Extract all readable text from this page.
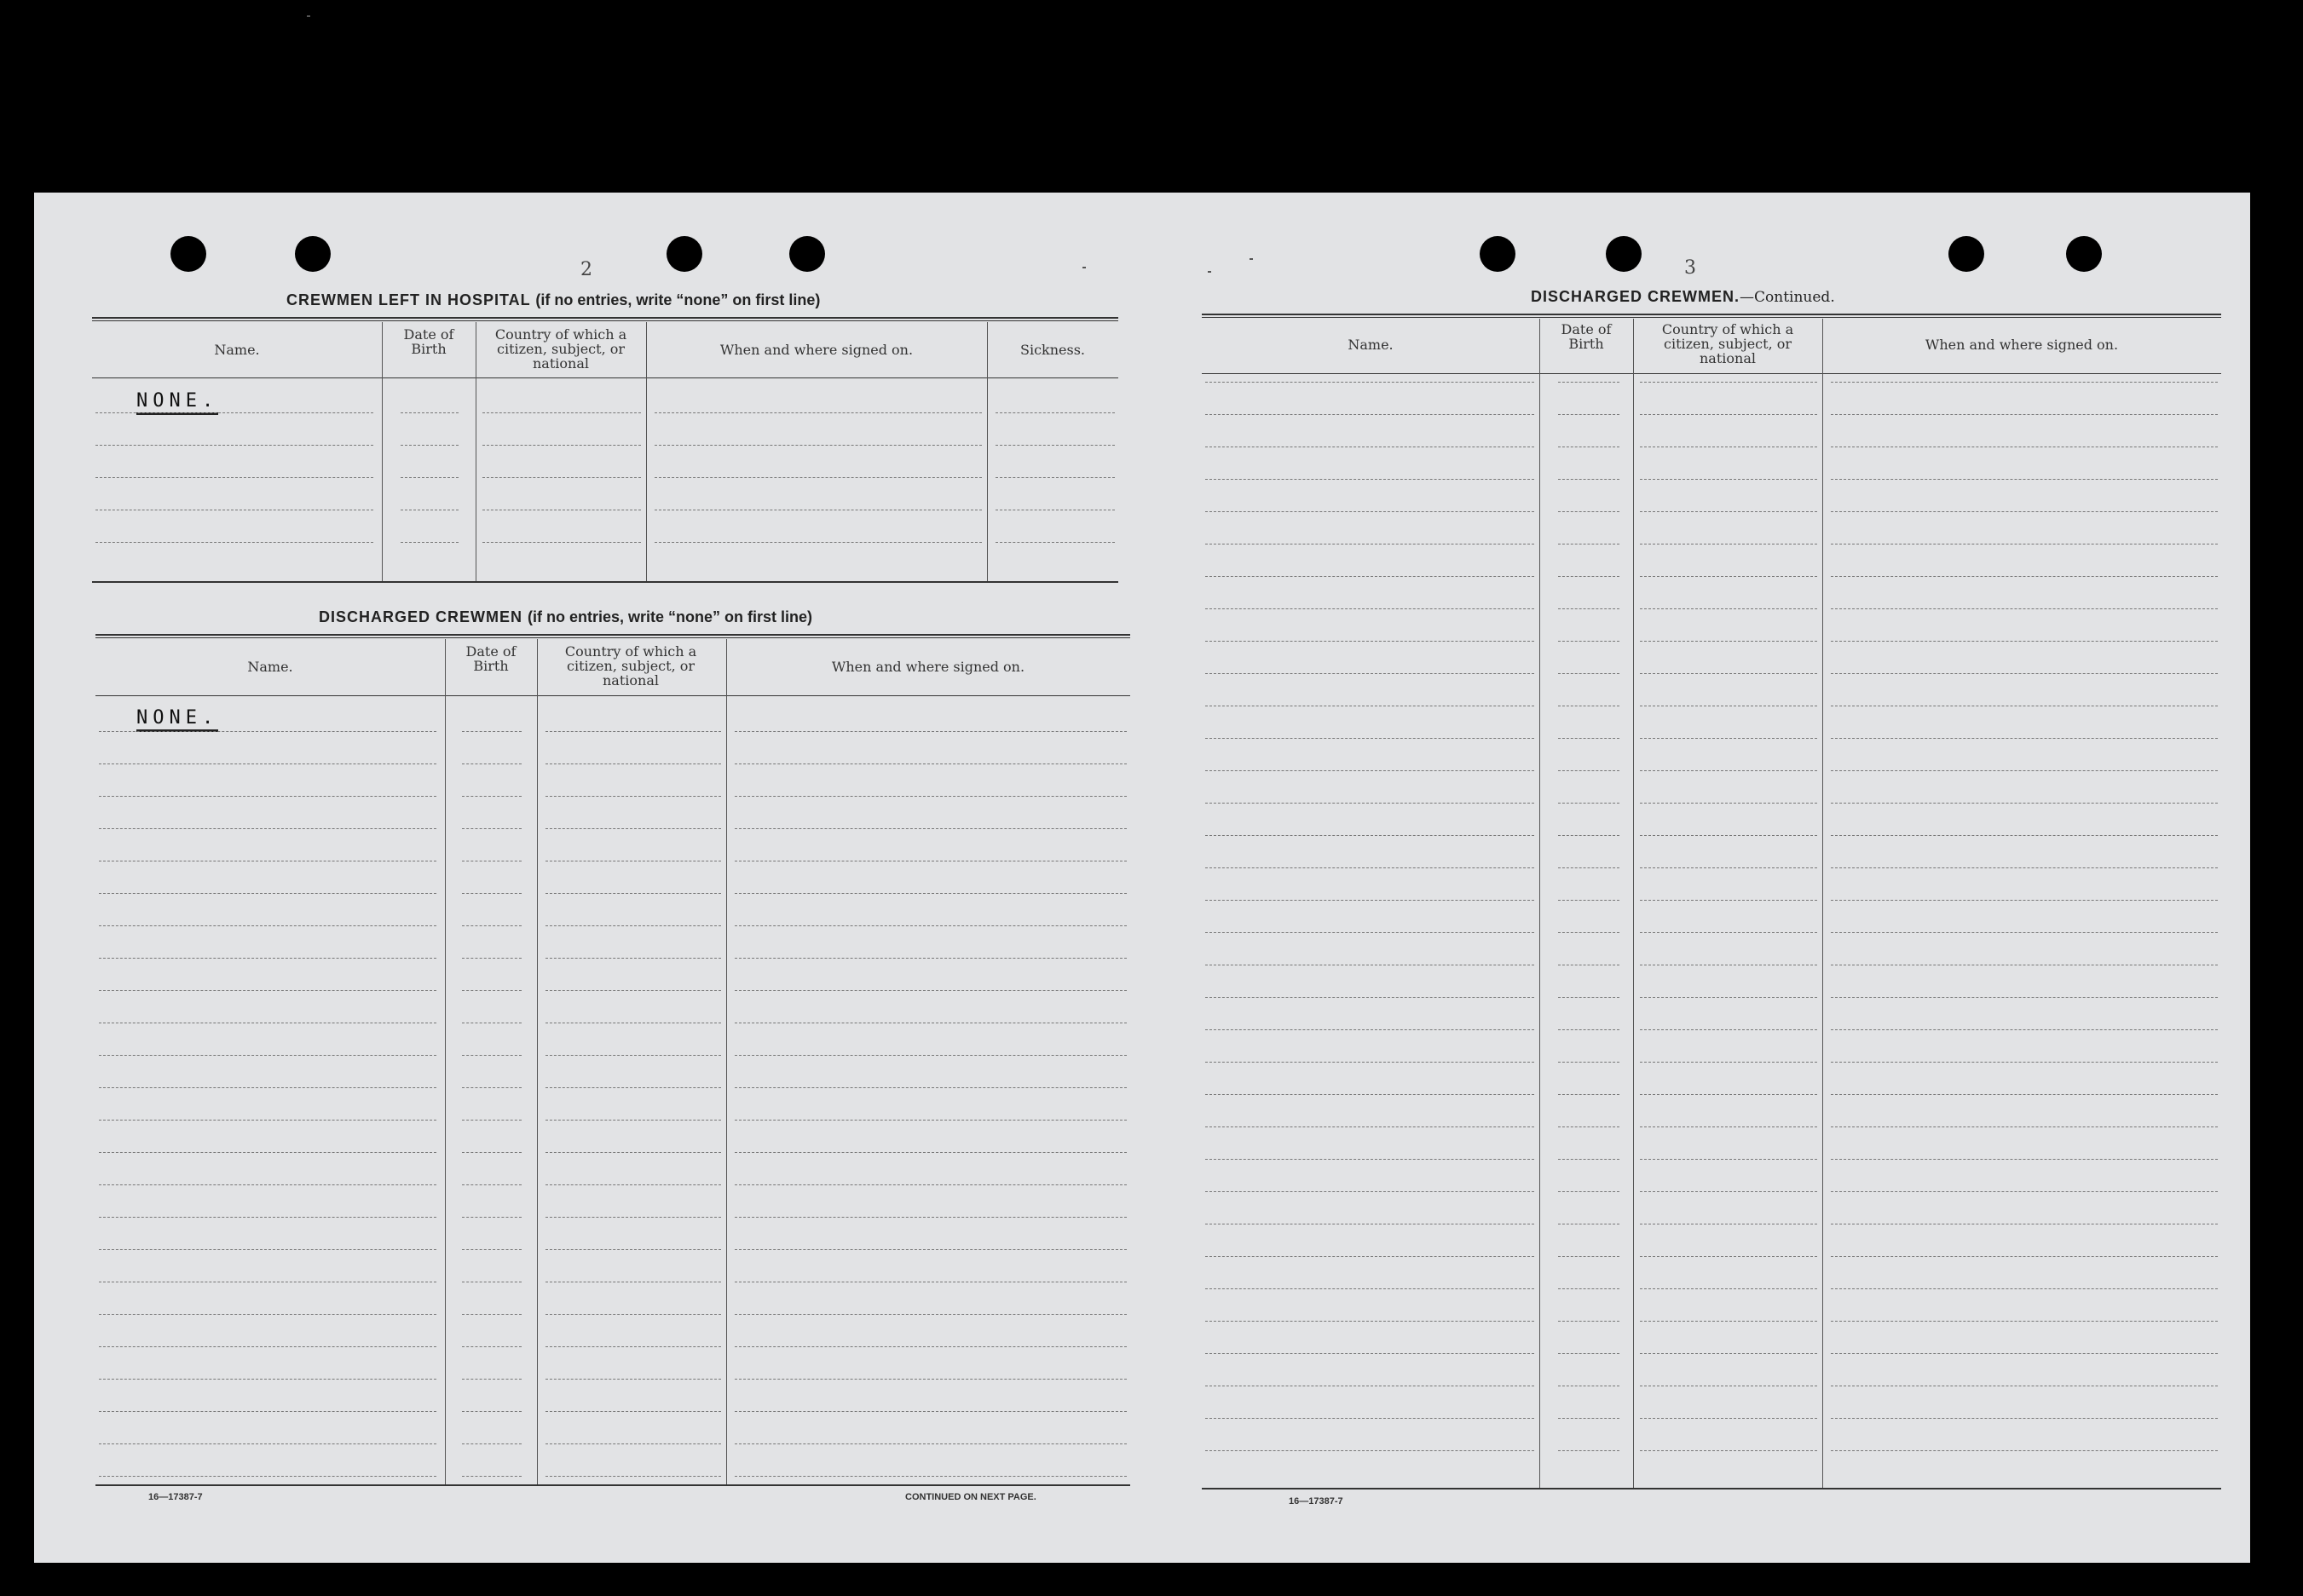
2
CREWMEN LEFT IN HOSPITAL (if no entries, write “none” on first line)
Name.
Date of Birth
Country of which a citizen, subject, or national
When and where signed on.	Sickness.
NONE.
DISCHARGED CREWMEN (if no entries, write “none” on first line)
Name.
Date of Birth
Country of which a citizen, subject, or national
When and where signed on.
NONE.
16—17387-7	CONTINUED ON NEXT PAGE.
3
DISCHARGED CREWMEN.—Continued.
Name.
Date of Birth
Country of which a citizen, subject, or national
When and where signed on.
16—17387-7
